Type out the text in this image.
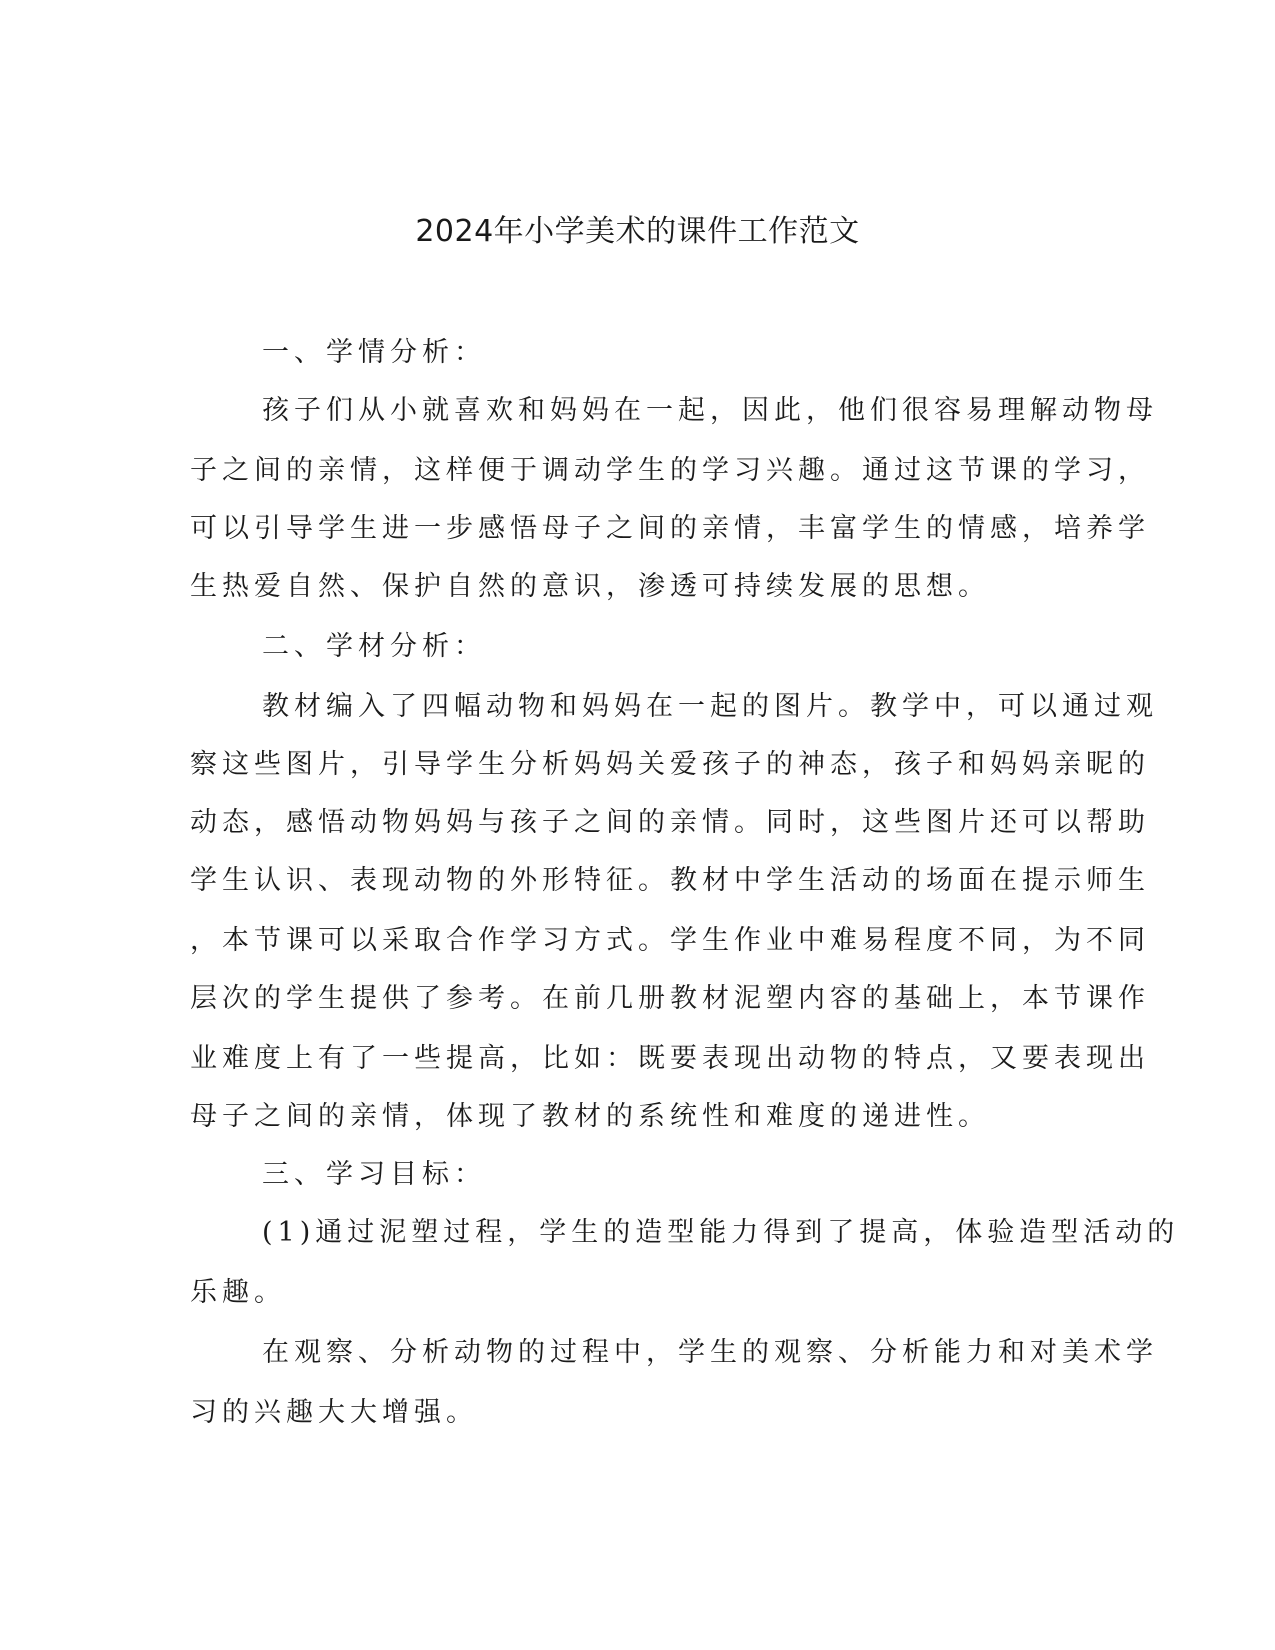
2024年小学美术的课件工作范文
一、学情分析：
孩子们从小就喜欢和妈妈在一起，因此，他们很容易理解动物母
子之间的亲情，这样便于调动学生的学习兴趣。通过这节课的学习，
可以引导学生进一步感悟母子之间的亲情，丰富学生的情感，培养学
生热爱自然、保护自然的意识，渗透可持续发展的思想。
二、学材分析：
教材编入了四幅动物和妈妈在一起的图片。教学中，可以通过观
察这些图片，引导学生分析妈妈关爱孩子的神态，孩子和妈妈亲昵的
动态，感悟动物妈妈与孩子之间的亲情。同时，这些图片还可以帮助
学生认识、表现动物的外形特征。教材中学生活动的场面在提示师生
，本节课可以采取合作学习方式。学生作业中难易程度不同，为不同
层次的学生提供了参考。在前几册教材泥塑内容的基础上，本节课作
业难度上有了一些提高，比如：既要表现出动物的特点，又要表现出
母子之间的亲情，体现了教材的系统性和难度的递进性。
三、学习目标：
(1)通过泥塑过程，学生的造型能力得到了提高，体验造型活动的
乐趣。
在观察、分析动物的过程中，学生的观察、分析能力和对美术学
习的兴趣大大增强。
